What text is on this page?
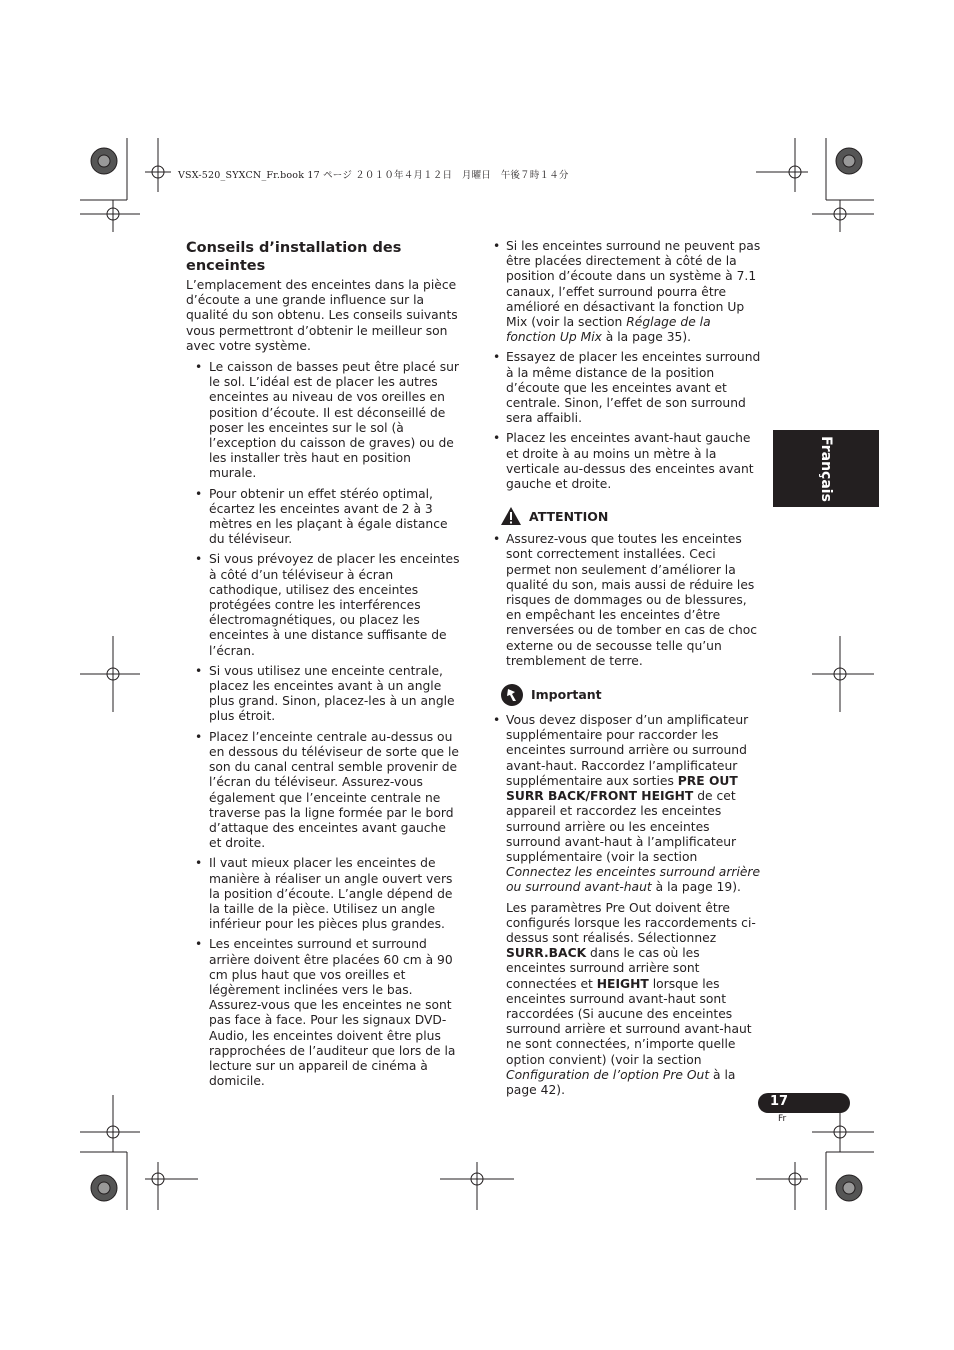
VSX-520_SYXCN_Fr.book 17 ページ ２０１０年４月１２日　月曜日　午後７時１４分
Conseils d’installation des enceintes

L’emplacement des enceintes dans la pièce d’écoute a une grande influence sur la qualité du son obtenu. Les conseils suivants vous permettront d’obtenir le meilleur son avec votre système.

• Le caisson de basses peut être placé sur le sol. L’idéal est de placer les autres enceintes au niveau de vos oreilles en position d’écoute. Il est déconseillé de poser les enceintes sur le sol (à l’exception du caisson de graves) ou de les installer très haut en position murale.
• Pour obtenir un effet stéréo optimal, écartez les enceintes avant de 2 à 3 mètres en les plaçant à égale distance du téléviseur.
• Si vous prévoyez de placer les enceintes à côté d’un téléviseur à écran cathodique, utilisez des enceintes protégées contre les interférences électromagnétiques, ou placez les enceintes à une distance suffisante de l’écran.
• Si vous utilisez une enceinte centrale, placez les enceintes avant à un angle plus grand. Sinon, placez-les à un angle plus étroit.
• Placez l’enceinte centrale au-dessus ou en dessous du téléviseur de sorte que le son du canal central semble provenir de l’écran du téléviseur. Assurez-vous également que l’enceinte centrale ne traverse pas la ligne formée par le bord d’attaque des enceintes avant gauche et droite.
• Il vaut mieux placer les enceintes de manière à réaliser un angle ouvert vers la position d’écoute. L’angle dépend de la taille de la pièce. Utilisez un angle inférieur pour les pièces plus grandes.
• Les enceintes surround et surround arrière doivent être placées 60 cm à 90 cm plus haut que vos oreilles et légèrement inclinées vers le bas. Assurez-vous que les enceintes ne sont pas face à face. Pour les signaux DVD-Audio, les enceintes doivent être plus rapprochées de l’auditeur que lors de la lecture sur un appareil de cinéma à domicile.
• Si les enceintes surround ne peuvent pas être placées directement à côté de la position d’écoute dans un système à 7.1 canaux, l’effet surround pourra être amélioré en désactivant la fonction Up Mix (voir la section Réglage de la fonction Up Mix à la page 35).
• Essayez de placer les enceintes surround à la même distance de la position d’écoute que les enceintes avant et centrale. Sinon, l’effet de son surround sera affaibli.
• Placez les enceintes avant-haut gauche et droite à au moins un mètre à la verticale au-dessus des enceintes avant gauche et droite.
ATTENTION
• Assurez-vous que toutes les enceintes sont correctement installées. Ceci permet non seulement d’améliorer la qualité du son, mais aussi de réduire les risques de dommages ou de blessures, en empêchant les enceintes d’être renversées ou de tomber en cas de choc externe ou de secousse telle qu’un tremblement de terre.
Important
• Vous devez disposer d’un amplificateur supplémentaire pour raccorder les enceintes surround arrière ou surround avant-haut. Raccordez l’amplificateur supplémentaire aux sorties PRE OUT SURR BACK/FRONT HEIGHT de cet appareil et raccordez les enceintes surround arrière ou les enceintes surround avant-haut à l’amplificateur supplémentaire (voir la section Connectez les enceintes surround arrière ou surround avant-haut à la page 19).

Les paramètres Pre Out doivent être configurés lorsque les raccordements ci-dessus sont réalisés. Sélectionnez SURR.BACK dans le cas où les enceintes surround arrière sont connectées et HEIGHT lorsque les enceintes surround avant-haut sont raccordées (Si aucune des enceintes surround arrière et surround avant-haut ne sont connectées, n’importe quelle option convient) (voir la section Configuration de l’option Pre Out à la page 42).

Français
17
Fr
